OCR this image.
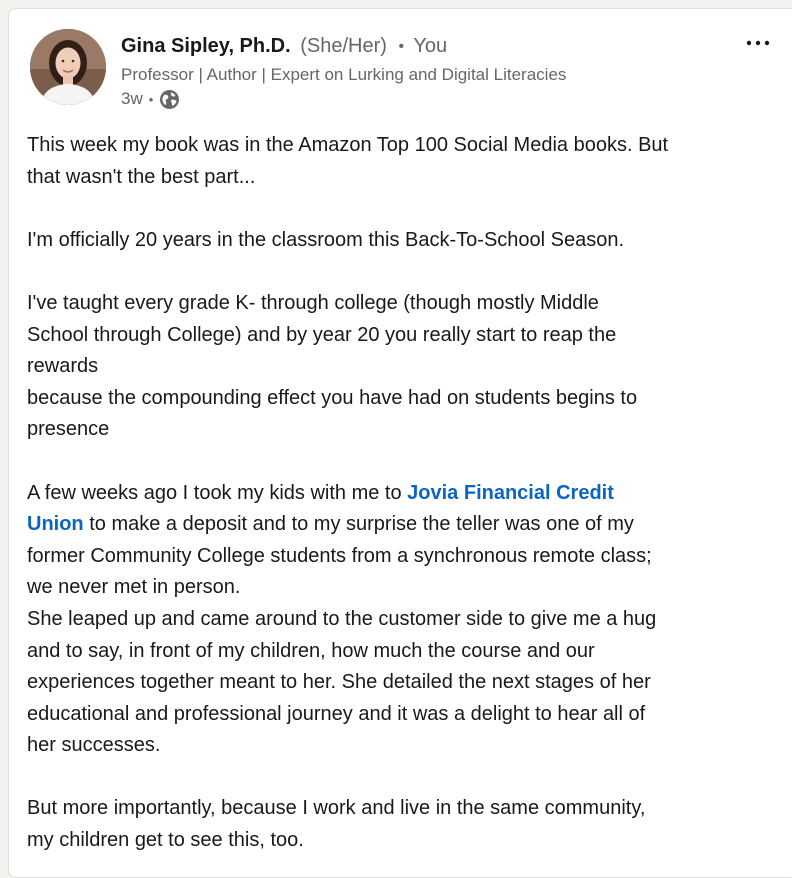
Gina Sipley, Ph.D. (She/Her) • You
Professor | Author | Expert on Lurking and Digital Literacies
3w •

This week my book was in the Amazon Top 100 Social Media books. But

that wasn't the best part...

I'm officially 20 years in the classroom this Back-To-School Season.

I've taught every grade K- through college (though mostly Middle

School through College) and by year 20 you really start to reap the

rewards

because the compounding effect you have had on students begins to

presence

A few weeks ago I took my kids with me to Jovia Financial Credit

Union to make a deposit and to my surprise the teller was one of my

former Community College students from a synchronous remote class;

we never met in person.

She leaped up and came around to the customer side to give me a hug

and to say, in front of my children, how much the course and our

experiences together meant to her. She detailed the next stages of her

educational and professional journey and it was a delight to hear all of

her successes.

But more importantly, because I work and live in the same community,

my children get to see this, too.
